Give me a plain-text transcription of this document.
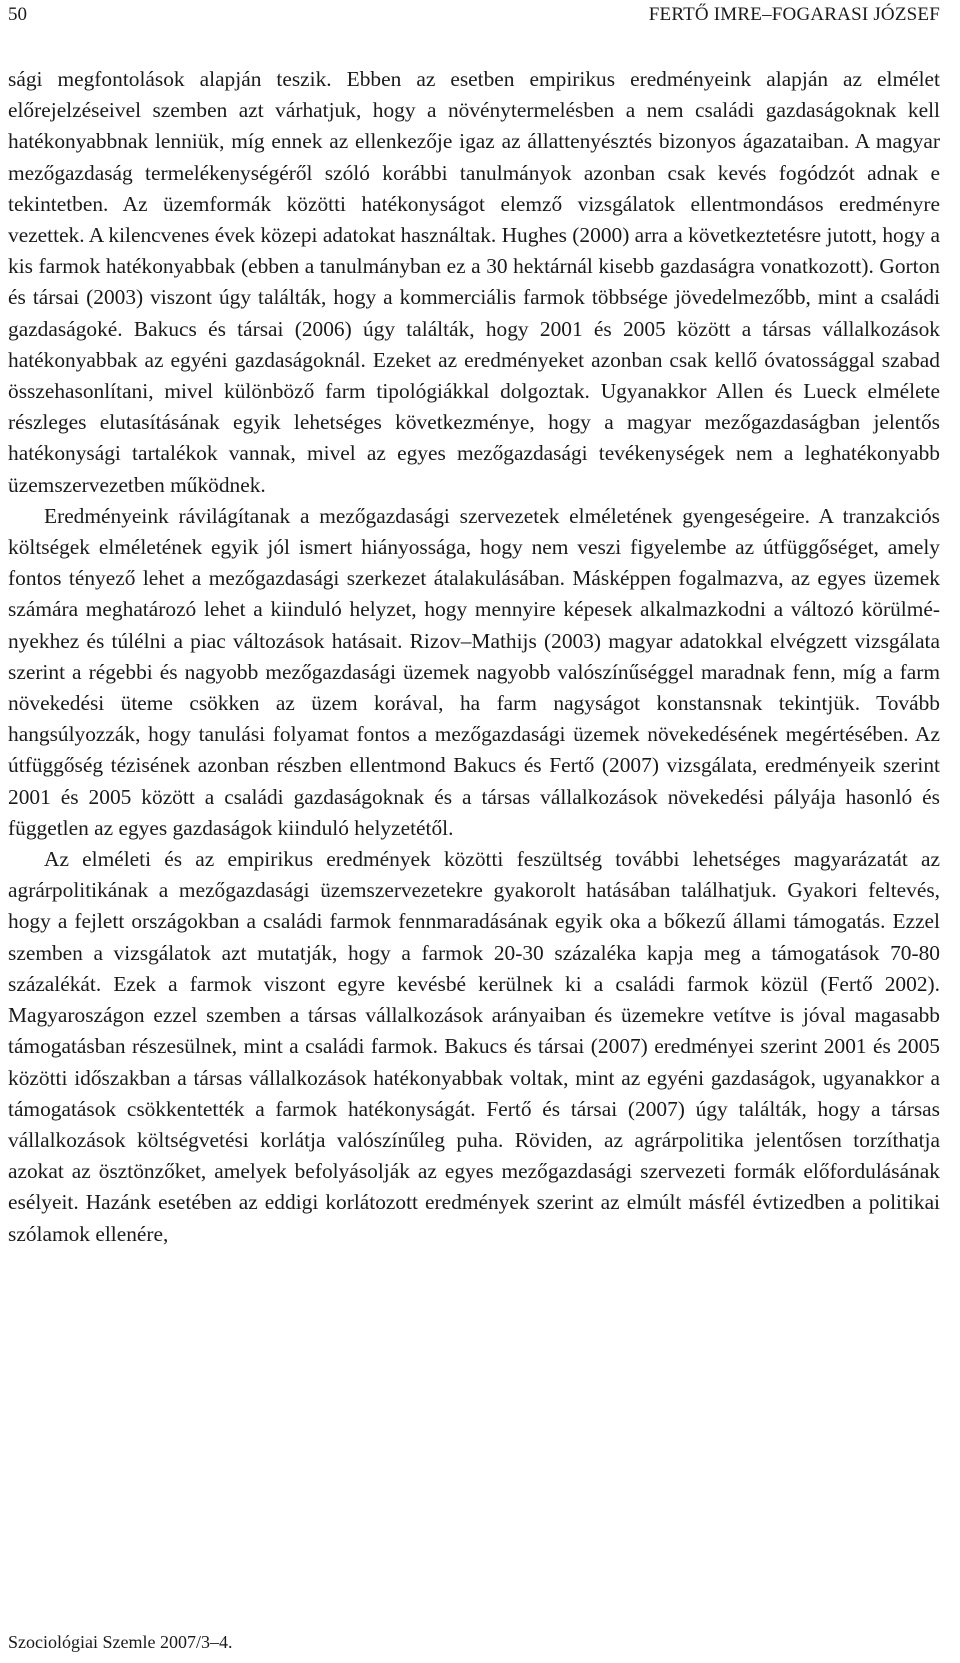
50	FERTŐ IMRE–FOGARASI JÓZSEF

sági megfontolások alapján teszik. Ebben az esetben empirikus eredményeink alapján az elmélet előrejelzéseivel szemben azt várhatjuk, hogy a növénytermelésben a nem családi gazdaságoknak kell hatékonyabbnak lenniük, míg ennek az ellenkezője igaz az állattenyésztés bizonyos ágazataiban. A magyar mezőgazdaság termelékenységéről szóló korábbi tanulmányok azonban csak kevés fogódzót adnak e tekintetben. Az üzemformák közötti hatékonyságot elemző vizsgálatok ellentmondásos eredményre vezettek. A kilencvenes évek közepi adatokat használtak. Hughes (2000) arra a következtetésre jutott, hogy a kis farmok hatékonyabbak (ebben a tanulmányban ez a 30 hektárnál kisebb gazdaságra vonatkozott). Gorton és társai (2003) viszont úgy találták, hogy a kommerciális farmok többsége jövedelmezőbb, mint a családi gazdaságoké. Bakucs és társai (2006) úgy találták, hogy 2001 és 2005 között a társas vállalkozások hatékonyabbak az egyéni gazdaságoknál. Ezeket az eredményeket azonban csak kellő óvatossággal szabad összehasonlítani, mivel különböző farm tipológiákkal dolgoztak. Ugyanakkor Allen és Lueck elmélete részleges elutasításának egyik lehetséges következménye, hogy a magyar mezőgazdaságban jelentős hatékonysági tartalékok vannak, mivel az egyes mezőgazdasági tevékenységek nem a leghatékonyabb üzemszervezetben működnek.

Eredményeink rávilágítanak a mezőgazdasági szervezetek elméletének gyengeségeire. A tranzakciós költségek elméletének egyik jól ismert hiányossága, hogy nem veszi figyelembe az útfüggőséget, amely fontos tényező lehet a mezőgazdasági szerkezet átalakulásában. Másképpen fogalmazva, az egyes üzemek számára meghatározó lehet a kiinduló helyzet, hogy mennyire képesek alkalmazkodni a változó körülményekhez és túlélni a piac változások hatásait. Rizov–Mathijs (2003) magyar adatokkal elvégzett vizsgálata szerint a régebbi és nagyobb mezőgazdasági üzemek nagyobb valószínűséggel maradnak fenn, míg a farm növekedési üteme csökken az üzem korával, ha farm nagyságot konstansnak tekintjük. Tovább hangsúlyozzák, hogy tanulási folyamat fontos a mezőgazdasági üzemek növekedésének megértésében. Az útfüggőség tézisének azonban részben ellentmond Bakucs és Fertő (2007) vizsgálata, eredményeik szerint 2001 és 2005 között a családi gazdaságoknak és a társas vállalkozások növekedési pályája hasonló és független az egyes gazdaságok kiinduló helyzetétől.

Az elméleti és az empirikus eredmények közötti feszültség további lehetséges magyarázatát az agrárpolitikának a mezőgazdasági üzemszervezetekre gyakorolt hatásában találhatjuk. Gyakori feltevés, hogy a fejlett országokban a családi farmok fennmaradásának egyik oka a bőkezű állami támogatás. Ezzel szemben a vizsgálatok azt mutatják, hogy a farmok 20-30 százaléka kapja meg a támogatások 70-80 százalékát. Ezek a farmok viszont egyre kevésbé kerülnek ki a családi farmok közül (Fertő 2002). Magyaroszágon ezzel szemben a társas vállalkozások arányaiban és üzemekre vetítve is jóval magasabb támogatásban részesülnek, mint a családi farmok. Bakucs és társai (2007) eredményei szerint 2001 és 2005 közötti időszakban a társas vállalkozások hatékonyabbak voltak, mint az egyéni gazdaságok, ugyanakkor a támogatások csökkentették a farmok hatékonyságát. Fertő és társai (2007) úgy találták, hogy a társas vállalkozások költségvetési korlátja valószínűleg puha. Röviden, az agrárpolitika jelentősen torzíthatja azokat az ösztönzőket, amelyek befolyásolják az egyes mezőgazdasági szervezeti formák előfordulásának esélyeit. Hazánk esetében az eddigi korlátozott eredmények szerint az elmúlt másfél évtizedben a politikai szólamok ellenére,

Szociológiai Szemle 2007/3–4.
